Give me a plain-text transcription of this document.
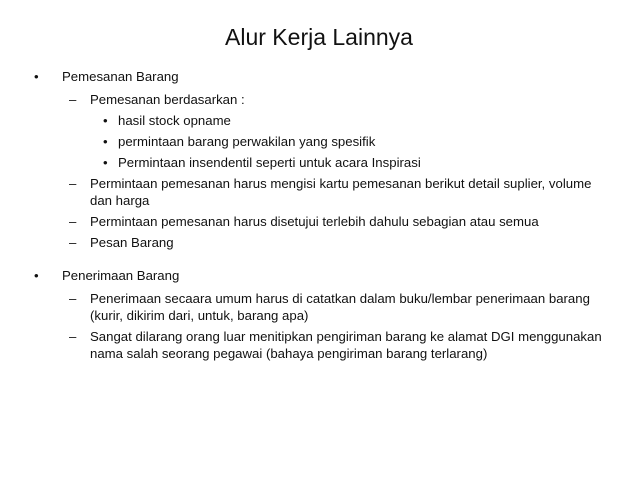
Alur Kerja Lainnya
• Pemesanan Barang
– Pemesanan berdasarkan :
• hasil stock opname
• permintaan barang perwakilan yang spesifik
• Permintaan insendentil seperti untuk acara Inspirasi
– Permintaan pemesanan harus mengisi kartu pemesanan berikut detail suplier, volume
dan harga
– Permintaan pemesanan harus disetujui terlebih dahulu sebagian atau semua
– Pesan Barang
• Penerimaan Barang
– Penerimaan secaara umum harus di catatkan dalam buku/lembar penerimaan barang
(kurir, dikirim dari, untuk, barang apa)
– Sangat dilarang orang luar menitipkan pengiriman barang ke alamat DGI menggunakan
nama salah seorang pegawai (bahaya pengiriman barang terlarang)
